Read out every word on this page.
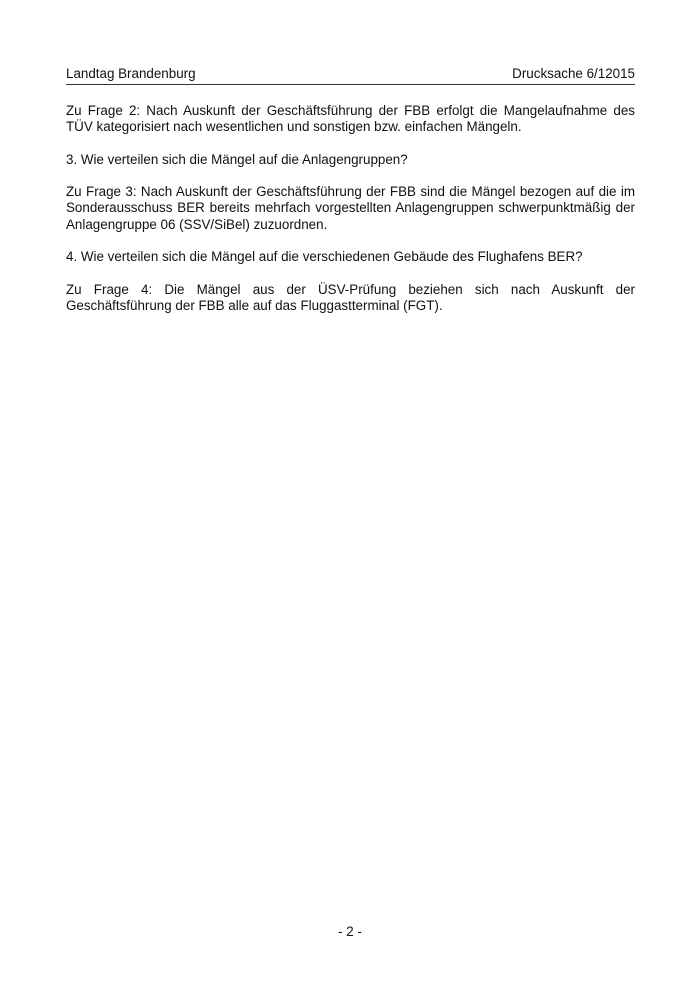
Landtag Brandenburg	Drucksache 6/12015

Zu Frage 2: Nach Auskunft der Geschäftsführung der FBB erfolgt die Mangelaufnahme des TÜV kategorisiert nach wesentlichen und sonstigen bzw. einfachen Mängeln.

3. Wie verteilen sich die Mängel auf die Anlagengruppen?

Zu Frage 3: Nach Auskunft der Geschäftsführung der FBB sind die Mängel bezogen auf die im Sonderausschuss BER bereits mehrfach vorgestellten Anlagengruppen schwerpunktmäßig der Anlagengruppe 06 (SSV/SiBel) zuzuordnen.

4. Wie verteilen sich die Mängel auf die verschiedenen Gebäude des Flughafens BER?

Zu Frage 4: Die Mängel aus der ÜSV-Prüfung beziehen sich nach Auskunft der Geschäftsführung der FBB alle auf das Fluggastterminal (FGT).

- 2 -
